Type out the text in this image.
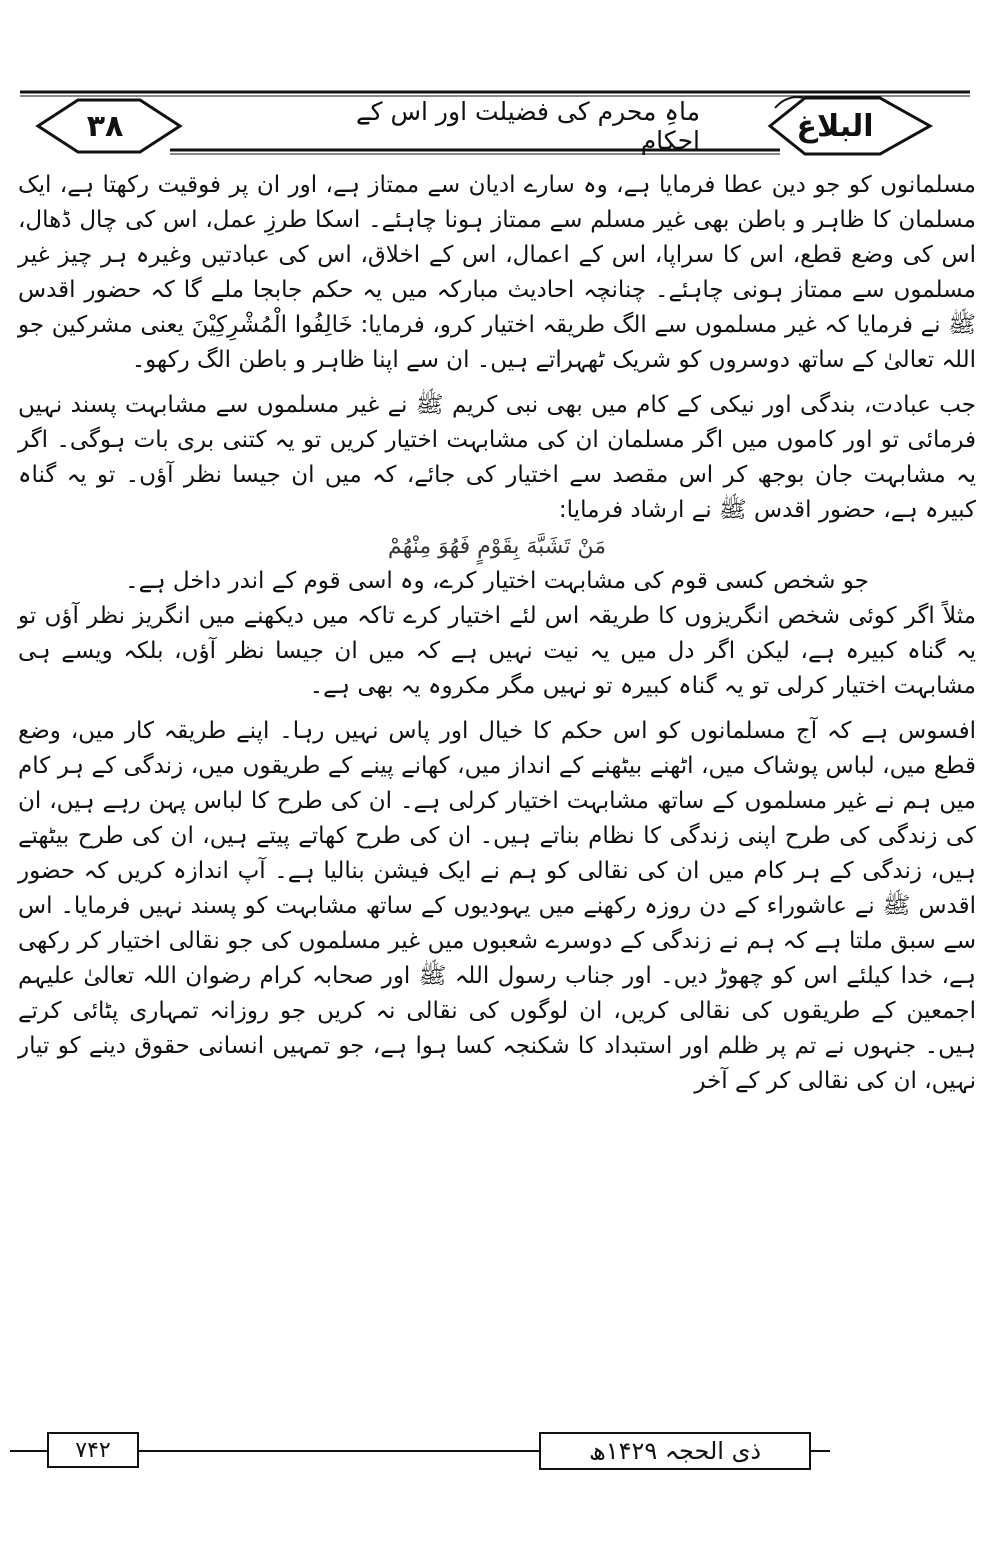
۳۸	ماہِ محرم کی فضیلت اور اس کے احکام	البلاغ

مسلمانوں کو جو دین عطا فرمایا ہے، وہ سارے ادیان سے ممتاز ہے، اور ان پر فوقیت رکھتا ہے، ایک مسلمان کا ظاہر و باطن بھی غیر مسلم سے ممتاز ہونا چاہئے۔ اسکا طرزِ عمل، اس کی چال ڈھال، اس کی وضع قطع، اس کا سراپا، اس کے اعمال، اس کے اخلاق، اس کی عبادتیں وغیرہ ہر چیز غیر مسلموں سے ممتاز ہونی چاہئے۔ چنانچہ احادیث مبارکہ میں یہ حکم جابجا ملے گا کہ حضور اقدس ﷺ نے فرمایا کہ غیر مسلموں سے الگ طریقہ اختیار کرو، فرمایا: خَالِفُوا الْمُشْرِكِيْنَ یعنی مشرکین جو اللہ تعالیٰ کے ساتھ دوسروں کو شریک ٹھہراتے ہیں۔ ان سے اپنا ظاہر و باطن الگ رکھو۔

جب عبادت، بندگی اور نیکی کے کام میں بھی نبی کریم ﷺ نے غیر مسلموں سے مشابہت پسند نہیں فرمائی تو اور کاموں میں اگر مسلمان ان کی مشابہت اختیار کریں تو یہ کتنی بری بات ہوگی۔ اگر یہ مشابہت جان بوجھ کر اس مقصد سے اختیار کی جائے، کہ میں ان جیسا نظر آؤں۔ تو یہ گناہ کبیرہ ہے، حضور اقدس ﷺ نے ارشاد فرمایا:

مَنْ تَشَبَّهَ بِقَوْمٍ فَهُوَ مِنْهُمْ

جو شخص کسی قوم کی مشابہت اختیار کرے، وہ اسی قوم کے اندر داخل ہے۔

مثلاً اگر کوئی شخص انگریزوں کا طریقہ اس لئے اختیار کرے تاکہ میں دیکھنے میں انگریز نظر آؤں تو یہ گناہ کبیرہ ہے، لیکن اگر دل میں یہ نیت نہیں ہے کہ میں ان جیسا نظر آؤں، بلکہ ویسے ہی مشابہت اختیار کرلی تو یہ گناہ کبیرہ تو نہیں مگر مکروہ یہ بھی ہے۔

افسوس ہے کہ آج مسلمانوں کو اس حکم کا خیال اور پاس نہیں رہا۔ اپنے طریقہ کار میں، وضع قطع میں، لباس پوشاک میں، اٹھنے بیٹھنے کے انداز میں، کھانے پینے کے طریقوں میں، زندگی کے ہر کام میں ہم نے غیر مسلموں کے ساتھ مشابہت اختیار کرلی ہے۔ ان کی طرح کا لباس پہن رہے ہیں، ان کی زندگی کی طرح اپنی زندگی کا نظام بناتے ہیں۔ ان کی طرح کھاتے پیتے ہیں، ان کی طرح بیٹھتے ہیں، زندگی کے ہر کام میں ان کی نقالی کو ہم نے ایک فیشن بنالیا ہے۔ آپ اندازہ کریں کہ حضور اقدس ﷺ نے عاشوراء کے دن روزہ رکھنے میں یہودیوں کے ساتھ مشابہت کو پسند نہیں فرمایا۔ اس سے سبق ملتا ہے کہ ہم نے زندگی کے دوسرے شعبوں میں غیر مسلموں کی جو نقالی اختیار کر رکھی ہے، خدا کیلئے اس کو چھوڑ دیں۔ اور جناب رسول اللہ ﷺ اور صحابہ کرام رضوان اللہ تعالیٰ علیہم اجمعین کے طریقوں کی نقالی کریں، ان لوگوں کی نقالی نہ کریں جو روزانہ تمہاری پٹائی کرتے ہیں۔ جنہوں نے تم پر ظلم اور استبداد کا شکنجہ کسا ہوا ہے، جو تمہیں انسانی حقوق دینے کو تیار نہیں، ان کی نقالی کر کے آخر

۷۴۲	ذی الحجہ ۱۴۲۹ھ
